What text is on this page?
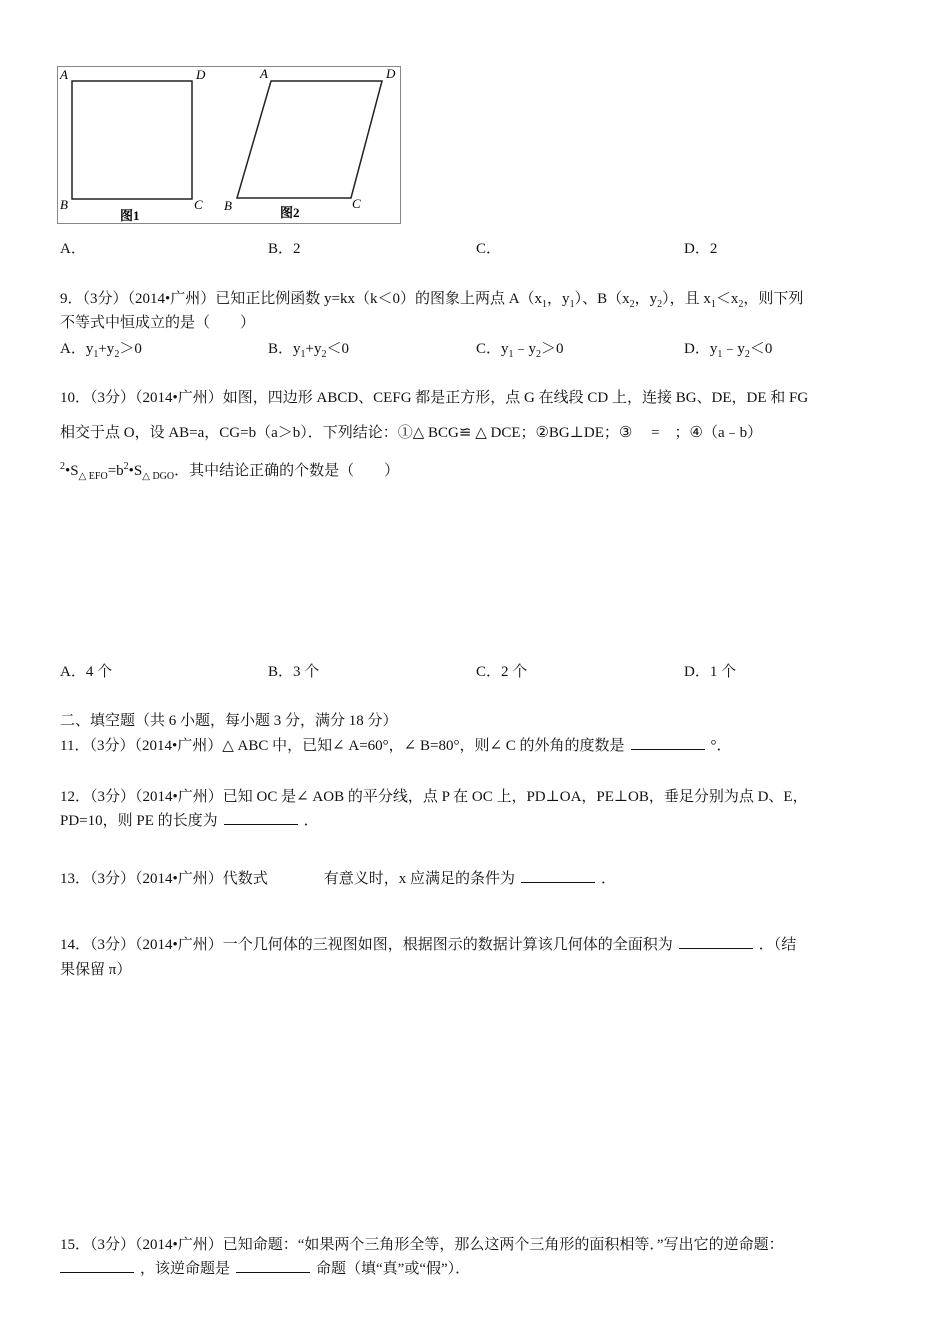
A	D
B	C
图1
A	D
B	C
图2
A．	B．2	C．	D．2
9．（3分）（2014•广州）已知正比例函数 y=kx（k＜0）的图象上两点 $A(x_1$，$y_1$）、$B(x_2$，$y_2$），且 $x_1<x_2$，则下列
不等式中恒成立的是（　　）
A．$y_1+y_2>0$	B．$y_1+y_2<0$	C．$y_1﹣y_2>0$	D．$y_1﹣y_2<0$
10．（3分）（2014•广州）如图，四边形 ABCD、CEFG 都是正方形，点 G 在线段 CD 上，连接 BG、DE，DE 和 FG
相交于点 O，设 AB=a，CG=b（a＞b）．下列结论：①△ BCG≌ △ DCE；②BG⊥DE；③　 =　；④（a﹣b）
$^2•S_{\triangle EFO}=b^2•S_{\triangle DGO}$．其中结论正确的个数是（　　）
A．4 个	B．3 个	C．2 个	D．1 个
二、填空题（共 6 小题，每小题 3 分，满分 18 分）
11．（3分）（2014•广州）△ ABC 中，已知∠ A=60°，∠ B=80°，则∠ C 的外角的度数是	°．
12．（3分）（2014•广州）已知 OC 是∠ AOB 的平分线，点 P 在 OC 上，PD⊥OA，PE⊥OB，垂足分别为点 D、E，
PD=10，则 PE 的长度为	．
13．（3分）（2014•广州）代数式	有意义时，x 应满足的条件为	．
14．（3分）（2014•广州）一个几何体的三视图如图，根据图示的数据计算该几何体的全面积为	．（结
果保留 π）
15．（3分）（2014•广州）已知命题：“如果两个三角形全等，那么这两个三角形的面积相等．”写出它的逆命题：
，该逆命题是	命题（填“真”或“假”）．
